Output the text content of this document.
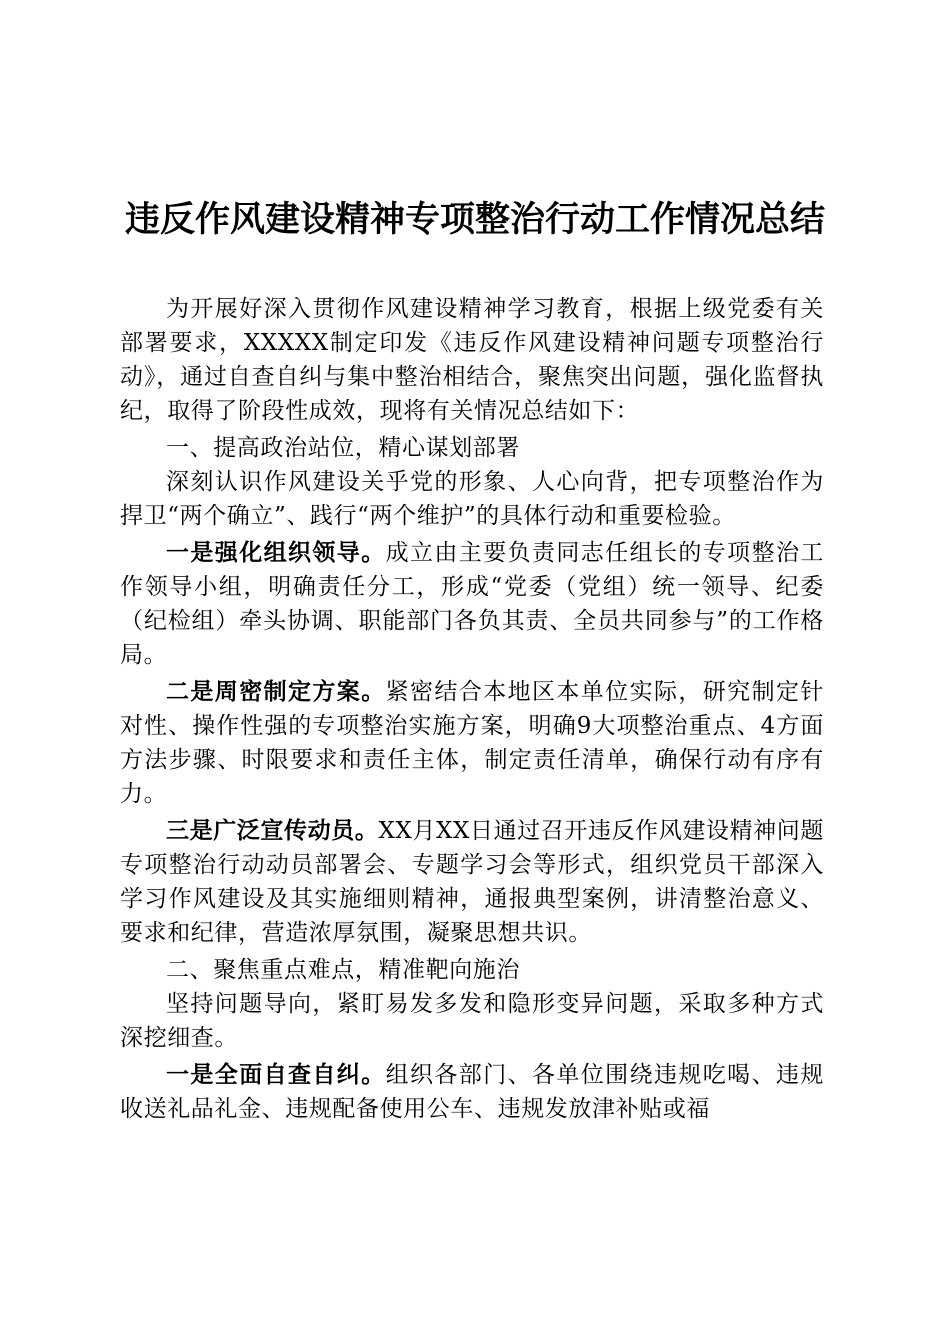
违反作风建设精神专项整治行动工作情况总结

为开展好深入贯彻作风建设精神学习教育，根据上级党委有关部署要求，XXXXX制定印发《违反作风建设精神问题专项整治行动》，通过自查自纠与集中整治相结合，聚焦突出问题，强化监督执纪，取得了阶段性成效，现将有关情况总结如下：

一、提高政治站位，精心谋划部署

深刻认识作风建设关乎党的形象、人心向背，把专项整治作为捍卫“两个确立”、践行“两个维护”的具体行动和重要检验。

一是强化组织领导。成立由主要负责同志任组长的专项整治工作领导小组，明确责任分工，形成“党委（党组）统一领导、纪委（纪检组）牵头协调、职能部门各负其责、全员共同参与”的工作格局。

二是周密制定方案。紧密结合本地区本单位实际，研究制定针对性、操作性强的专项整治实施方案，明确9大项整治重点、4方面方法步骤、时限要求和责任主体，制定责任清单，确保行动有序有力。

三是广泛宣传动员。XX月XX日通过召开违反作风建设精神问题专项整治行动动员部署会、专题学习会等形式，组织党员干部深入学习作风建设及其实施细则精神，通报典型案例，讲清整治意义、要求和纪律，营造浓厚氛围，凝聚思想共识。

二、聚焦重点难点，精准靶向施治

坚持问题导向，紧盯易发多发和隐形变异问题，采取多种方式深挖细查。

一是全面自查自纠。组织各部门、各单位围绕违规吃喝、违规收送礼品礼金、违规配备使用公车、违规发放津补贴或福
